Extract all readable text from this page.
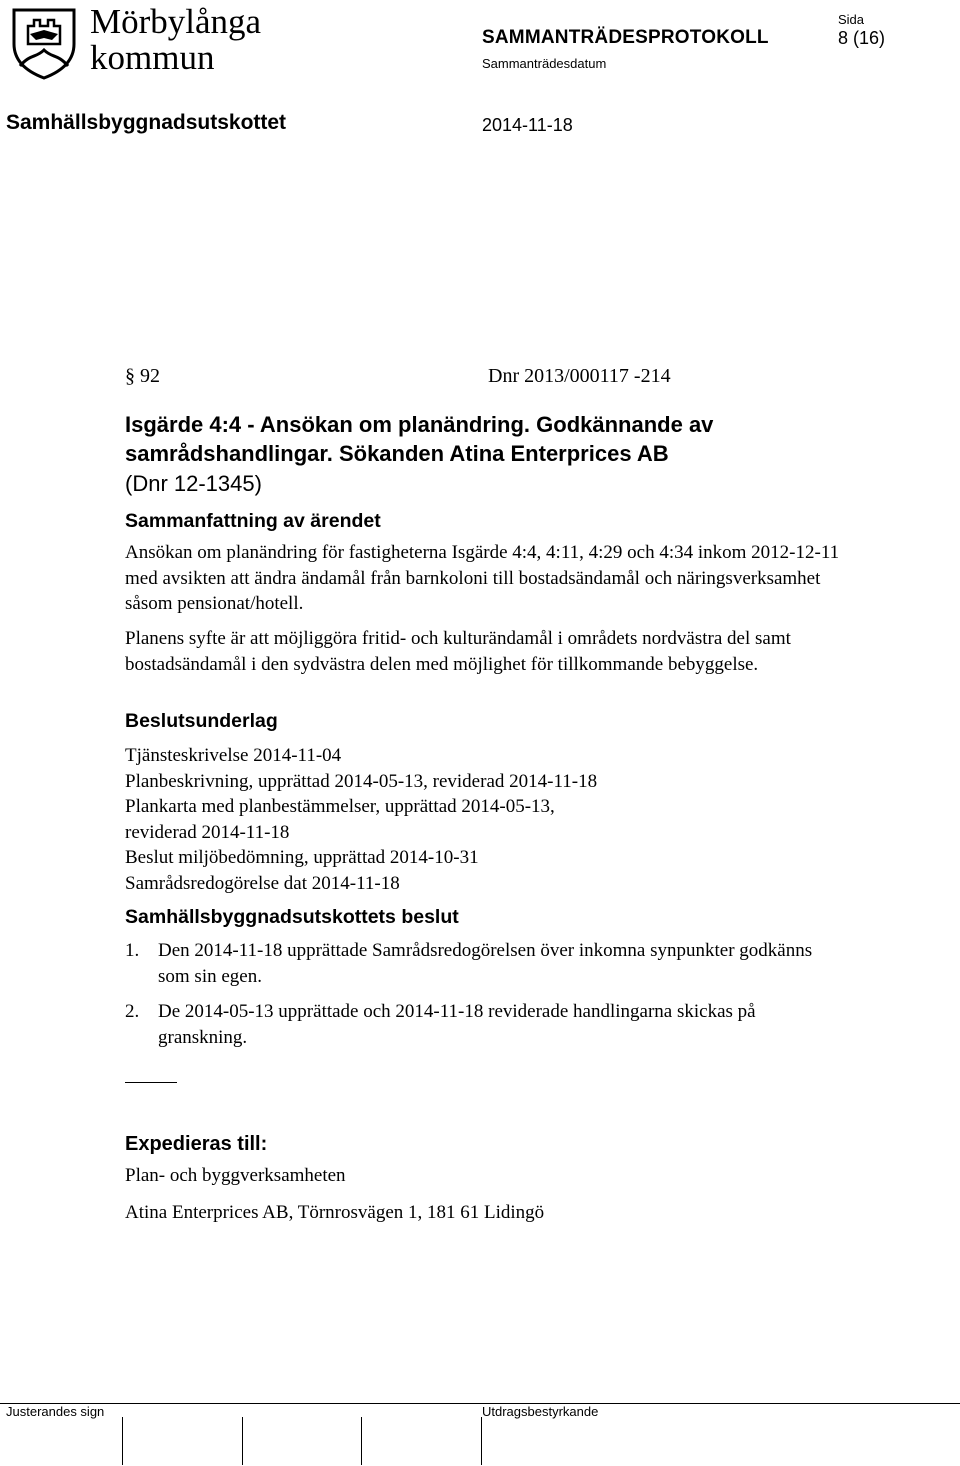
Mörbylånga
kommun
Sida
8 (16)
SAMMANTRÄDESPROTOKOLL
Sammanträdesdatum
Samhällsbyggnadsutskottet	2014-11-18
§ 92	Dnr 2013/000117 -214
Isgärde 4:4 - Ansökan om planändring. Godkännande av samrådshandlingar. Sökanden Atina Enterprices AB
(Dnr 12-1345)
Sammanfattning av ärendet
Ansökan om planändring för fastigheterna Isgärde 4:4, 4:11, 4:29 och 4:34 inkom 2012-12-11 med avsikten att ändra ändamål från barnkoloni till bostadsändamål och näringsverksamhet såsom pensionat/hotell.
Planens syfte är att möjliggöra fritid- och kulturändamål i områdets nordvästra del samt bostadsändamål i den sydvästra delen med möjlighet för tillkommande bebyggelse.
Beslutsunderlag
Tjänsteskrivelse 2014-11-04
Planbeskrivning, upprättad 2014-05-13, reviderad 2014-11-18
Plankarta med planbestämmelser, upprättad 2014-05-13,
reviderad 2014-11-18
Beslut miljöbedömning, upprättad 2014-10-31
Samrådsredogörelse dat 2014-11-18
Samhällsbyggnadsutskottets beslut
1. Den 2014-11-18 upprättade Samrådsredogörelsen över inkomna synpunkter godkänns som sin egen.
2. De 2014-05-13 upprättade och 2014-11-18 reviderade handlingarna skickas på granskning.
Expedieras till:
Plan- och byggverksamheten
Atina Enterprices AB, Törnrosvägen 1, 181 61 Lidingö
Justerandes sign	Utdragsbestyrkande
